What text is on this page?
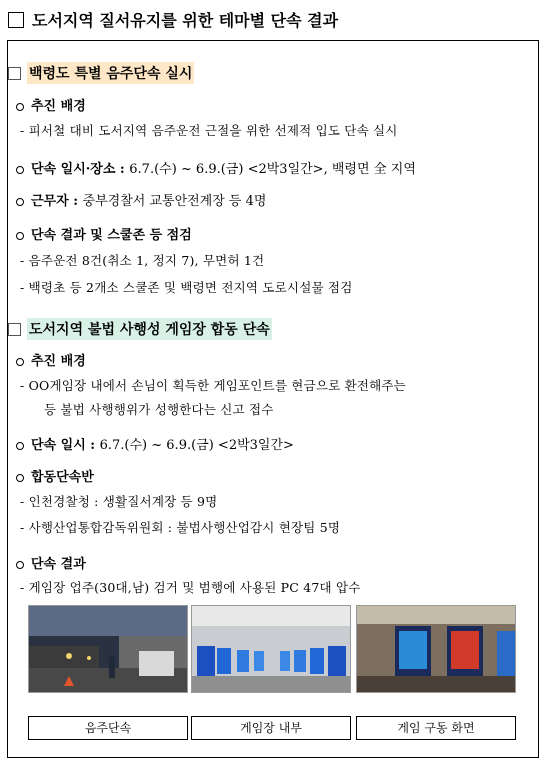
도서지역 질서유지를 위한 테마별 단속 결과
백령도 특별 음주단속 실시
추진 배경
- 피서철 대비 도서지역 음주운전 근절을 위한 선제적 입도 단속 실시
단속 일시·장소 : 6.7.(수) ~ 6.9.(금) <2박3일간>, 백령면 全 지역
근무자 : 중부경찰서 교통안전계장 등 4명
단속 결과 및 스쿨존 등 점검
- 음주운전 8건(취소 1, 정지 7), 무면허 1건
- 백령초 등 2개소 스쿨존 및 백령면 전지역 도로시설물 점검
도서지역 불법 사행성 게임장 합동 단속
추진 배경
- OO게임장 내에서 손님이 획득한 게임포인트를 현금으로 환전해주는
등 불법 사행행위가 성행한다는 신고 접수
단속 일시 : 6.7.(수) ~ 6.9.(금) <2박3일간>
합동단속반
- 인천경찰청 : 생활질서계장 등 9명
- 사행산업통합감독위원회 : 불법사행산업감시 현장팀 5명
단속 결과
- 게임장 업주(30대,남) 검거 및 범행에 사용된 PC 47대 압수
음주단속	게임장 내부	게임 구동 화면
